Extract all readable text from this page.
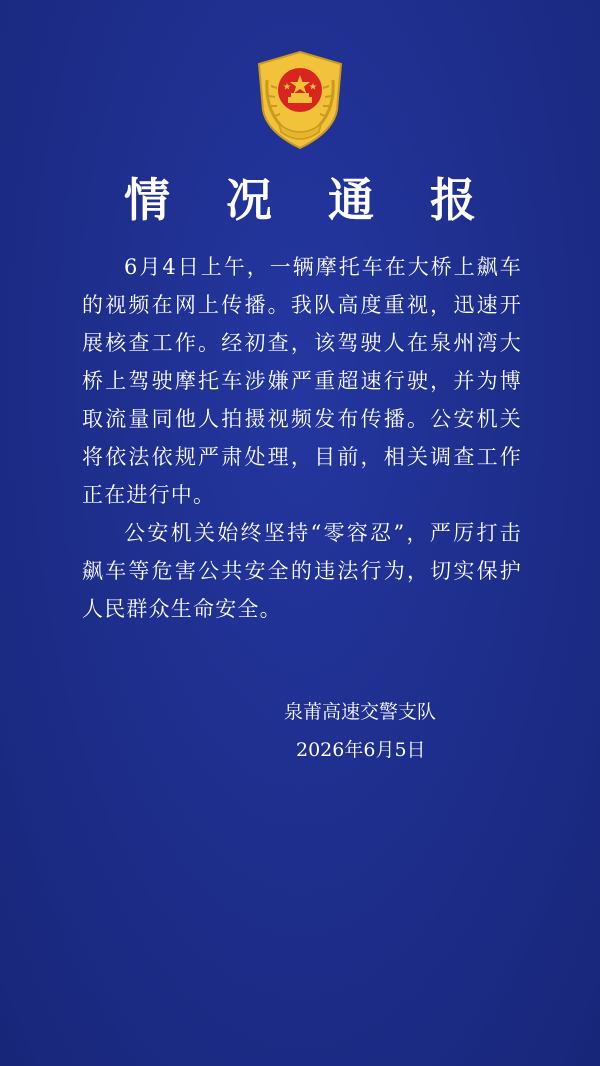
情 况 通 报

6月4日上午，一辆摩托车在大桥上飙车的视频在网上传播。我队高度重视，迅速开展核查工作。经初查，该驾驶人在泉州湾大桥上驾驶摩托车涉嫌严重超速行驶，并为博取流量同他人拍摄视频发布传播。公安机关将依法依规严肃处理，目前，相关调查工作正在进行中。

公安机关始终坚持“零容忍”，严厉打击飙车等危害公共安全的违法行为，切实保护人民群众生命安全。

泉莆高速交警支队
2026年6月5日
